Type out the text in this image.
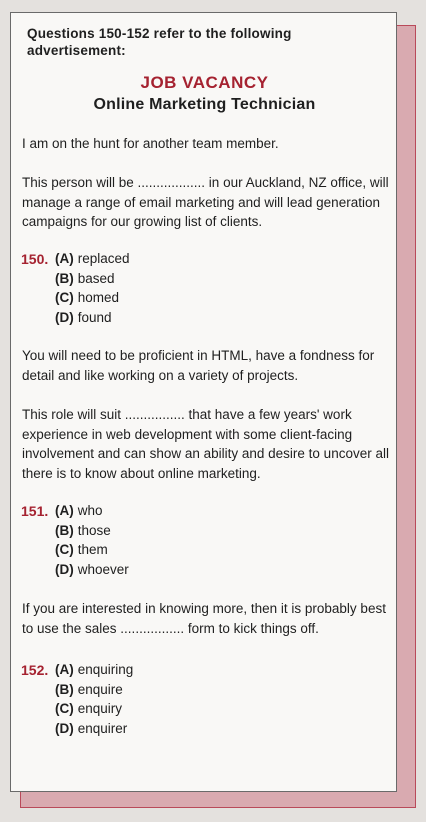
Questions 150-152 refer to the following advertisement:
JOB VACANCY
Online Marketing Technician

I am on the hunt for another team member.

This person will be .................. in our Auckland, NZ office, will manage a range of email marketing and will lead generation campaigns for our growing list of clients.

150. (A) replaced
(B) based
(C) homed
(D) found

You will need to be proficient in HTML, have a fondness for detail and like working on a variety of projects.

This role will suit ................ that have a few years' work experience in web development with some client-facing involvement and can show an ability and desire to uncover all there is to know about online marketing.

151. (A) who
(B) those
(C) them
(D) whoever

If you are interested in knowing more, then it is probably best to use the sales ................. form to kick things off.

152. (A) enquiring
(B) enquire
(C) enquiry
(D) enquirer
